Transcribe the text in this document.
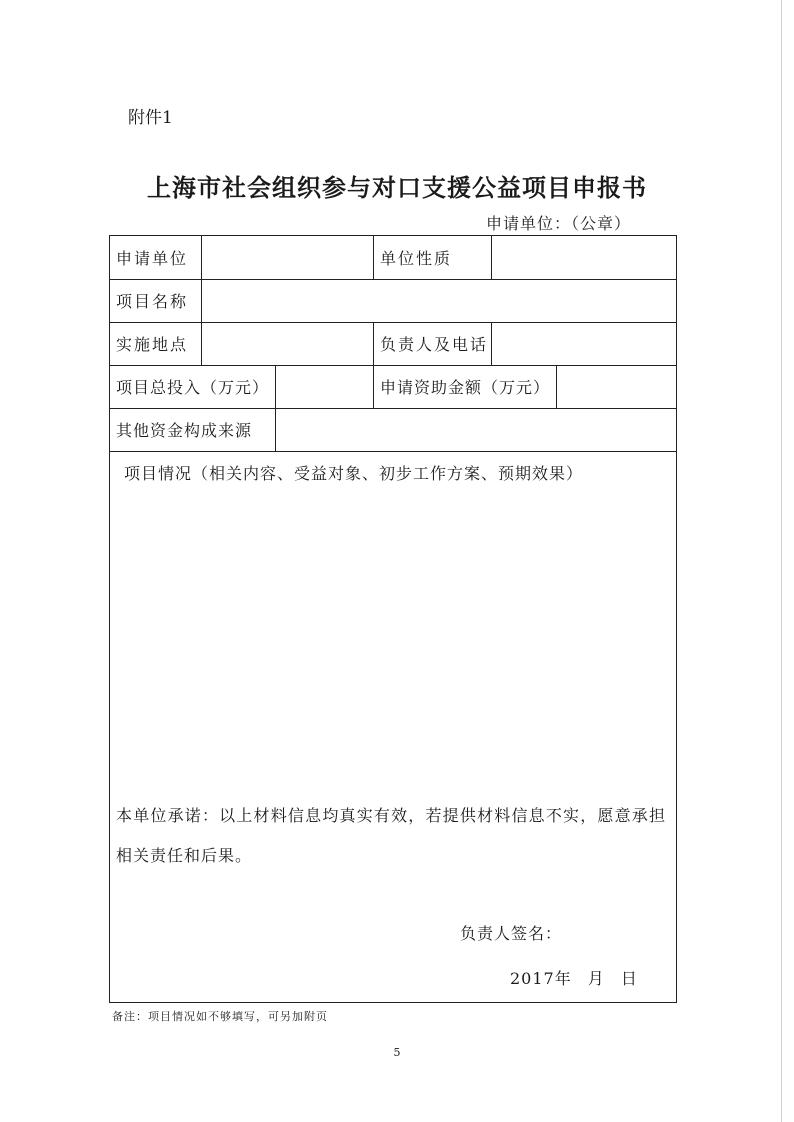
附件1
上海市社会组织参与对口支援公益项目申报书
申请单位：（公章）
申请单位	单位性质
项目名称
实施地点	负责人及电话
项目总投入（万元）	申请资助金额（万元）
其他资金构成来源
项目情况（相关内容、受益对象、初步工作方案、预期效果）
本单位承诺：以上材料信息均真实有效，若提供材料信息不实，愿意承担相关责任和后果。
负责人签名：
2017年 月 日
备注：项目情况如不够填写，可另加附页
5
